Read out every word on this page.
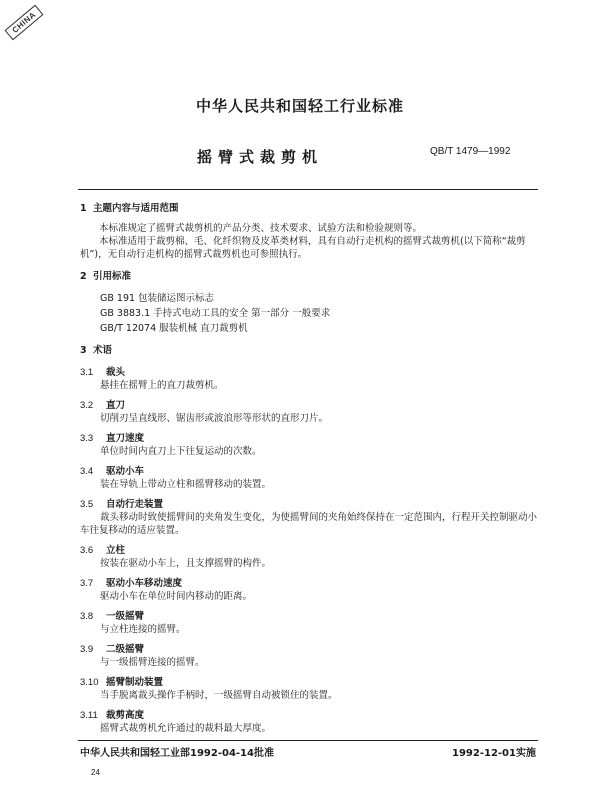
CHINA
中华人民共和国轻工行业标准
摇臂式裁剪机	QB/T 1479—1992
1 主题内容与适用范围
本标准规定了摇臂式裁剪机的产品分类、技术要求、试验方法和检验规则等。
本标准适用于裁剪棉、毛、化纤织物及皮革类材料，具有自动行走机构的摇臂式裁剪机(以下简称“裁剪机”)，无自动行走机构的摇臂式裁剪机也可参照执行。
2 引用标准
GB 191 包装储运图示标志
GB 3883.1 手持式电动工具的安全 第一部分 一般要求
GB/T 12074 服装机械 直刀裁剪机
3 术语
3.1 裁头
悬挂在摇臂上的直刀裁剪机。
3.2 直刀
切削刃呈直线形、锯齿形或波浪形等形状的直形刀片。
3.3 直刀速度
单位时间内直刀上下往复运动的次数。
3.4 驱动小车
装在导轨上带动立柱和摇臂移动的装置。
3.5 自动行走装置
裁头移动时致使摇臂间的夹角发生变化，为使摇臂间的夹角始终保持在一定范围内，行程开关控制驱动小车往复移动的适应装置。
3.6 立柱
按装在驱动小车上，且支撑摇臂的构件。
3.7 驱动小车移动速度
驱动小车在单位时间内移动的距离。
3.8 一级摇臂
与立柱连接的摇臂。
3.9 二级摇臂
与一级摇臂连接的摇臂。
3.10 摇臂制动装置
当手脱离裁头操作手柄时，一级摇臂自动被锁住的装置。
3.11 裁剪高度
摇臂式裁剪机允许通过的裁料最大厚度。
中华人民共和国轻工业部1992-04-14批准	1992-12-01实施
24
